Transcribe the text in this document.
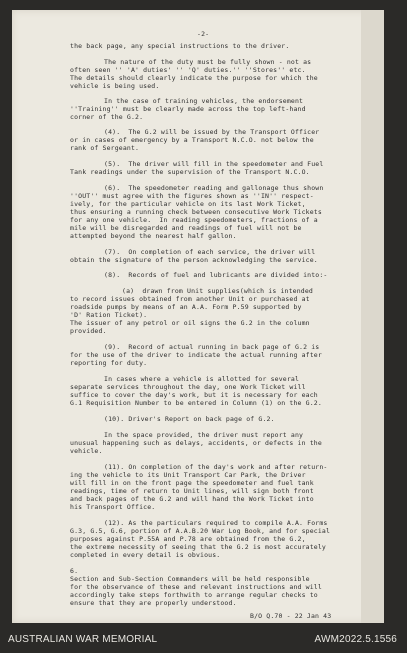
-2-

the back page, any special instructions to the driver.

The nature of the duty must be fully shown - not as

often seen '' 'A' duties' '' 'Q' duties.'' ''Stores'' etc.

The details should clearly indicate the purpose for which the

vehicle is being used.

In the case of training vehicles, the endorsement

''Training'' must be clearly made across the top left-hand

corner of the G.2.

(4).  The G.2 will be issued by the Transport Officer

or in cases of emergency by a Transport N.C.O. not below the

rank of Sergeant.

(5).  The driver will fill in the speedometer and Fuel

Tank readings under the supervision of the Transport N.C.O.

(6).  The speedometer reading and gallonage thus shown

''OUT'' must agree with the figures shown as ''IN'' respect-

ively, for the particular vehicle on its last Work Ticket,

thus ensuring a running check between consecutive Work Tickets

for any one vehicle.  In reading speedometers, fractions of a

mile will be disregarded and readings of fuel will not be

attempted beyond the nearest half gallon.

(7).  On completion of each service, the driver will

obtain the signature of the person acknowledging the service.

(8).  Records of fuel and lubricants are divided into:-

(a)  drawn from Unit supplies(which is intended

to record issues obtained from another Unit or purchased at

roadside pumps by means of an A.A. Form P.59 supported by

'D' Ration Ticket).

The issuer of any petrol or oil signs the G.2 in the column

provided.

(9).  Record of actual running in back page of G.2 is

for the use of the driver to indicate the actual running after

reporting for duty.

In cases where a vehicle is allotted for several

separate services throughout the day, one Work Ticket will

suffice to cover the day's work, but it is necessary for each

G.1 Requisition Number to be entered in Column (1) on the G.2.

(10). Driver's Report on back page of G.2.

In the space provided, the driver must report any

unusual happening such as delays, accidents, or defects in the

vehicle.

(11). On completion of the day's work and after return-

ing the vehicle to its Unit Transport Car Park, the Driver

will fill in on the front page the speedometer and fuel tank

readings, time of return to Unit lines, will sign both front

and back pages of the G.2 and will hand the Work Ticket into

his Transport Office.

(12). As the particulars required to compile A.A. Forms

G.3, G.5, G.6, portion of A.A.B.20 War Log Book, and for special

purposes against P.55A and P.78 are obtained from the G.2,

the extreme necessity of seeing that the G.2 is most accurately

completed in every detail is obvious.

6.

Section and Sub-Section Commanders will be held responsible

for the observance of these and relevant instructions and will

accordingly take steps forthwith to arrange regular checks to

ensure that they are properly understood.

B/O Q.70 - 22 Jan 43

AUSTRALIAN WAR MEMORIAL	AWM2022.5.1556
